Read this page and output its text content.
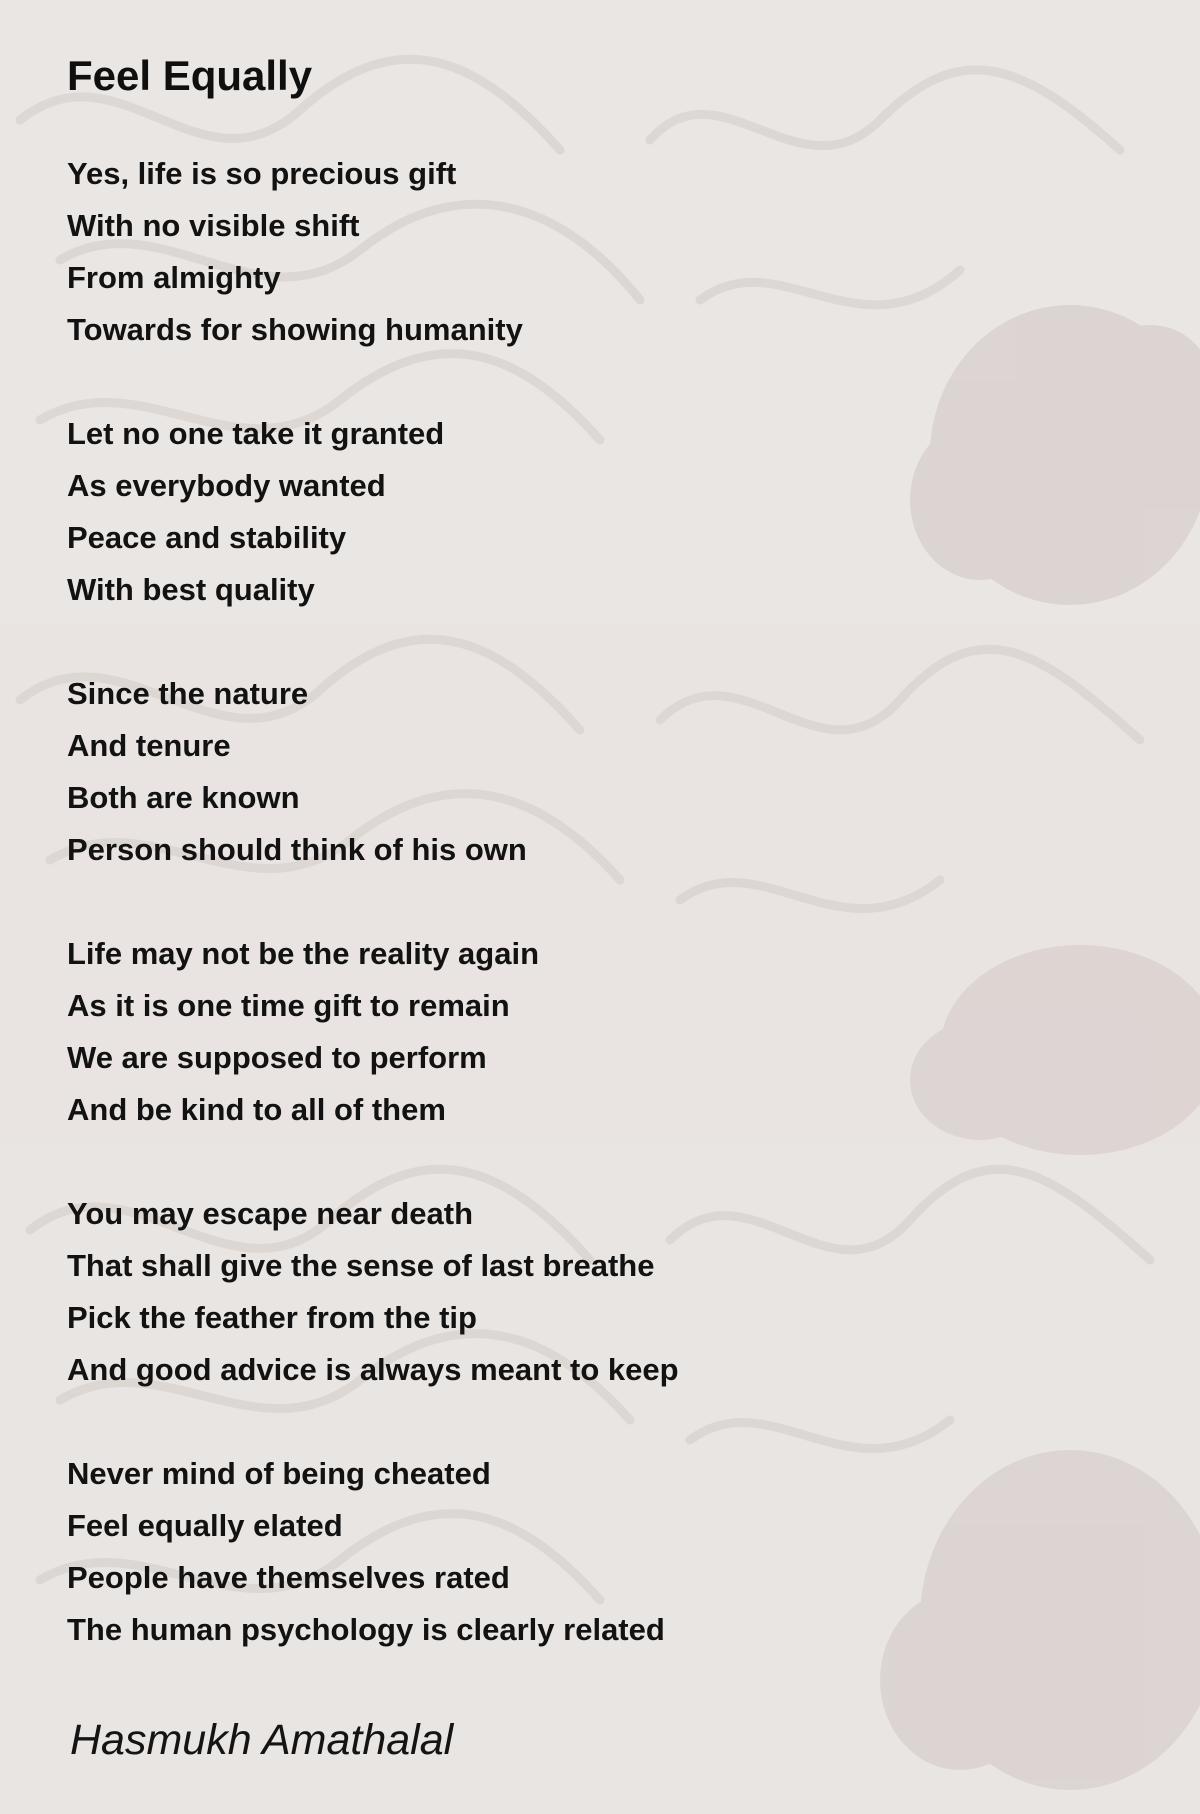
Feel Equally
Yes, life is so precious gift
With no visible shift
From almighty
Towards for showing humanity
Let no one take it granted
As everybody wanted
Peace and stability
With best quality
Since the nature
And tenure
Both are known
Person should think of his own
Life may not be the reality again
As it is one time gift to remain
We are supposed to perform
And be kind to all of them
You may escape near death
That shall give the sense of last breathe
Pick the feather from the tip
And good advice is always meant to keep
Never mind of being cheated
Feel equally elated
People have themselves rated
The human psychology is clearly related
Hasmukh Amathalal
